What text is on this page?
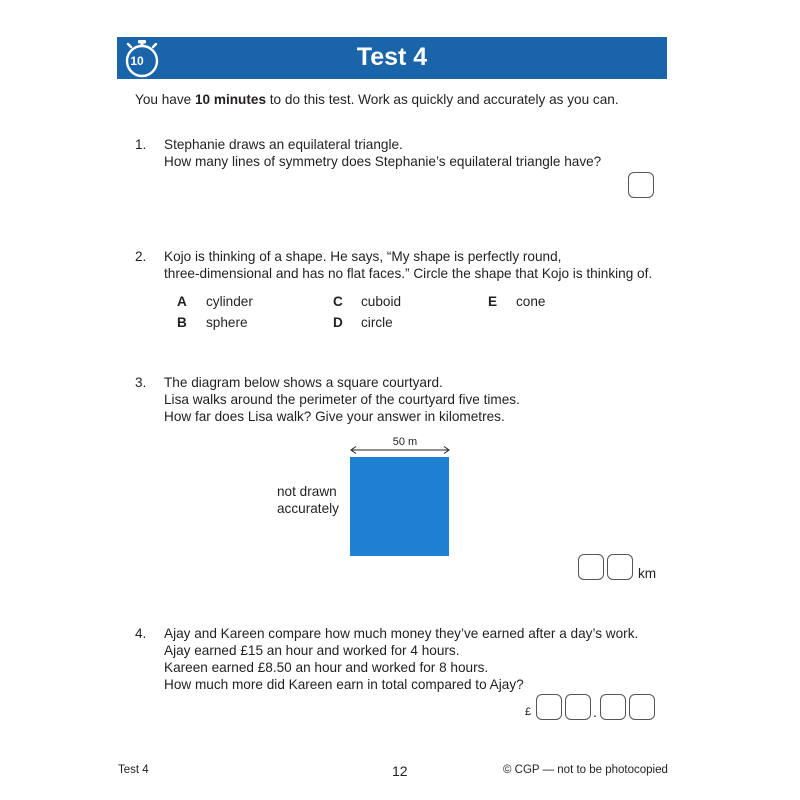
10	Test 4
You have 10 minutes to do this test. Work as quickly and accurately as you can.
1. Stephanie draws an equilateral triangle.
How many lines of symmetry does Stephanie’s equilateral triangle have?
2. Kojo is thinking of a shape. He says, “My shape is perfectly round,
three-dimensional and has no flat faces.” Circle the shape that Kojo is thinking of.
A cylinder
B sphere
C cuboid
D circle
E cone
3. The diagram below shows a square courtyard.
Lisa walks around the perimeter of the courtyard five times.
How far does Lisa walk? Give your answer in kilometres.
50 m
not drawn
accurately
km
4. Ajay and Kareen compare how much money they’ve earned after a day’s work.
Ajay earned £15 an hour and worked for 4 hours.
Kareen earned £8.50 an hour and worked for 8 hours.
How much more did Kareen earn in total compared to Ajay?
£	.
Test 4	12	© CGP — not to be photocopied
